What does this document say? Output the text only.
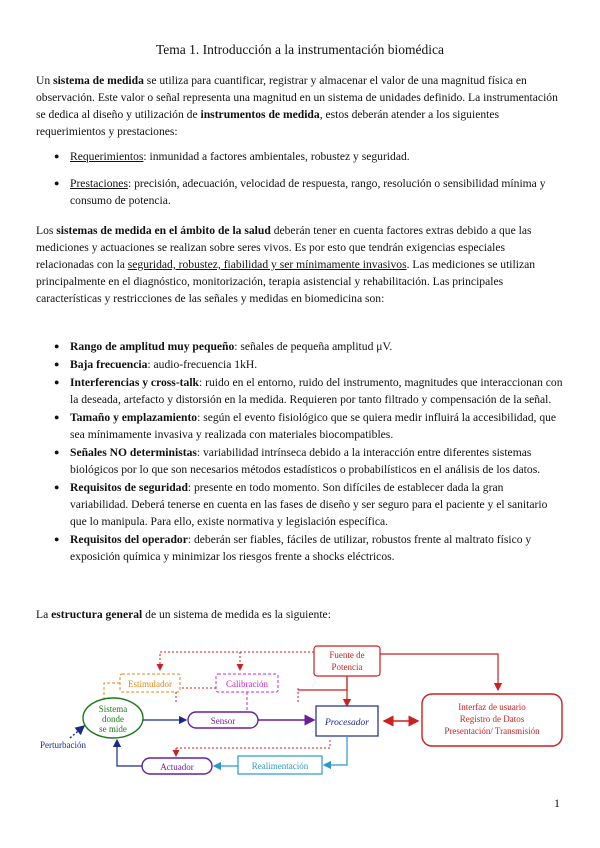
Tema 1. Introducción a la instrumentación biomédica

Un sistema de medida se utiliza para cuantificar, registrar y almacenar el valor de una magnitud física en observación. Este valor o señal representa una magnitud en un sistema de unidades definido. La instrumentación se dedica al diseño y utilización de instrumentos de medida, estos deberán atender a los siguientes requerimientos y prestaciones:

● Requerimientos: inmunidad a factores ambientales, robustez y seguridad.
● Prestaciones: precisión, adecuación, velocidad de respuesta, rango, resolución o sensibilidad mínima y consumo de potencia.

Los sistemas de medida en el ámbito de la salud deberán tener en cuenta factores extras debido a que las mediciones y actuaciones se realizan sobre seres vivos. Es por esto que tendrán exigencias especiales relacionadas con la seguridad, robustez, fiabilidad y ser mínimamente invasivos. Las mediciones se utilizan principalmente en el diagnóstico, monitorización, terapia asistencial y rehabilitación. Las principales características y restricciones de las señales y medidas en biomedicina son:

● Rango de amplitud muy pequeño: señales de pequeña amplitud μV.
● Baja frecuencia: audio-frecuencia 1kH.
● Interferencias y cross-talk: ruido en el entorno, ruido del instrumento, magnitudes que interaccionan con la deseada, artefacto y distorsión en la medida. Requieren por tanto filtrado y compensación de la señal.
● Tamaño y emplazamiento: según el evento fisiológico que se quiera medir influirá la accesibilidad, que sea mínimamente invasiva y realizada con materiales biocompatibles.
● Señales NO deterministas: variabilidad intrínseca debido a la interacción entre diferentes sistemas biológicos por lo que son necesarios métodos estadísticos o probabilísticos en el análisis de los datos.
● Requisitos de seguridad: presente en todo momento. Son difíciles de establecer dada la gran variabilidad. Deberá tenerse en cuenta en las fases de diseño y ser seguro para el paciente y el sanitario que lo manipula. Para ello, existe normativa y legislación específica.
● Requisitos del operador: deberán ser fiables, fáciles de utilizar, robustos frente al maltrato físico y exposición química y minimizar los riesgos frente a shocks eléctricos.

La estructura general de un sistema de medida es la siguiente:

Fuente de
Potencia
Estimulador	Calibración
Sistema
donde
se mide
Perturbación
Sensor	Procesador
Interfaz de usuario
Registro de Datos
Presentación/ Transmisión
Realimentación
Actuador
1
